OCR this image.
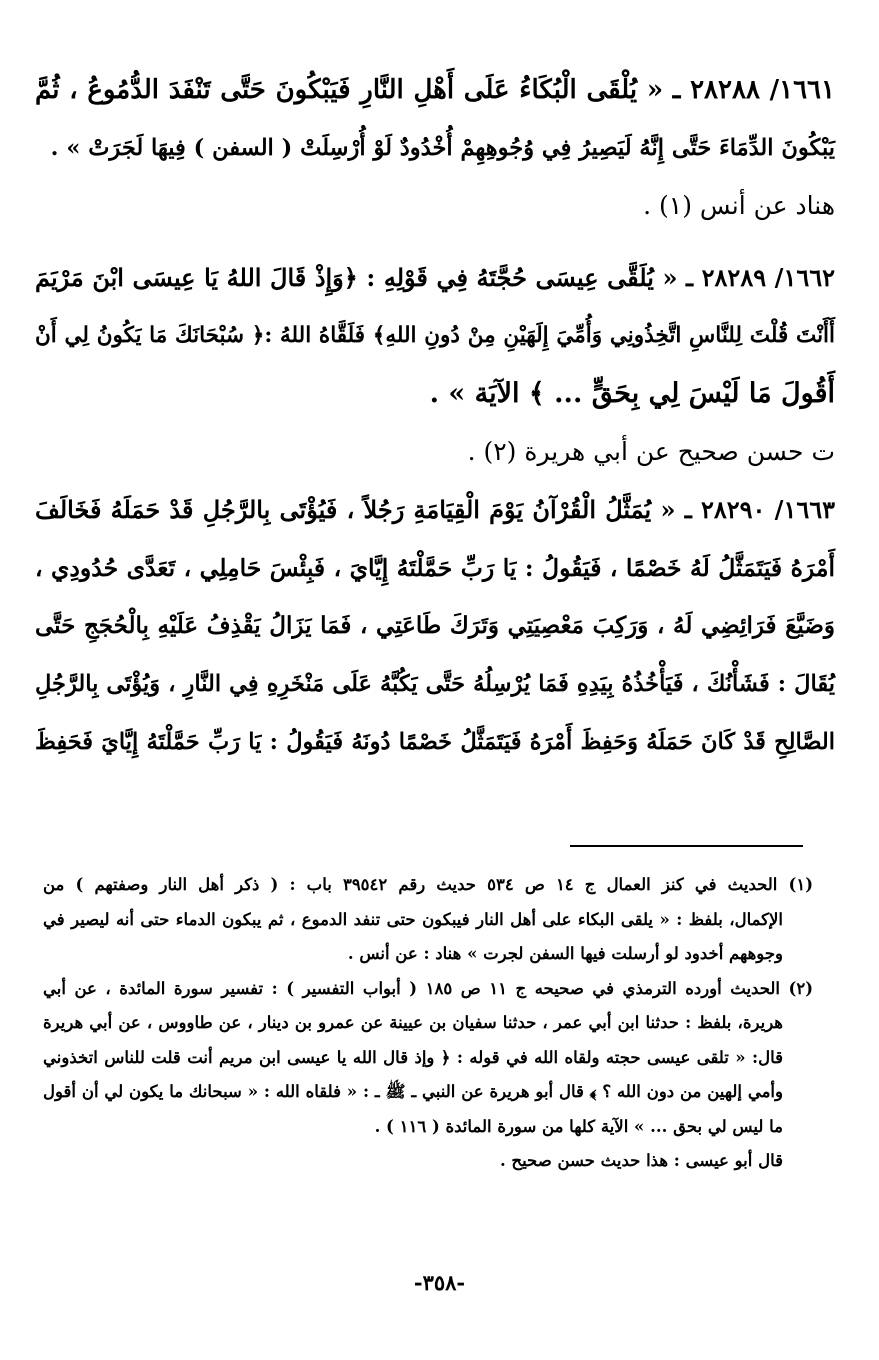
١٦٦١/ ٢٨٢٨٨ ـ « يُلْقَى الْبُكَاءُ عَلَى أَهْلِ النَّارِ فَيَبْكُونَ حَتَّى تَنْفَدَ الدُّمُوعُ ، ثُمَّ
يَبْكُونَ الدِّمَاءَ حَتَّى إِنَّهُ لَيَصِيرُ فِي وُجُوهِهِمْ أُخْدُودٌ لَوْ أُرْسِلَتْ ( السفن ) فِيهَا لَجَرَتْ » .
هناد عن أنس (١) .
١٦٦٢/ ٢٨٢٨٩ ـ « يُلَقَّى عِيسَى حُجَّتَهُ فِي قَوْلِهِ : ﴿وَإِذْ قَالَ اللهُ يَا عِيسَى ابْنَ مَرْيَمَ
أَأَنْتَ قُلْتَ لِلنَّاسِ اتَّخِذُونِي وَأُمِّيَ إِلَهَيْنِ مِنْ دُونِ اللهِ﴾ فَلَقَّاهُ اللهُ :﴿ سُبْحَانَكَ مَا يَكُونُ لِي أَنْ
أَقُولَ مَا لَيْسَ لِي بِحَقٍّ ... ﴾ الآيَة » .
ت حسن صحيح عن أبي هريرة (٢) .
١٦٦٣/ ٢٨٢٩٠ ـ « يُمَثَّلُ الْقُرْآنُ يَوْمَ الْقِيَامَةِ رَجُلاً ، فَيُؤْتَى بِالرَّجُلِ قَدْ حَمَلَهُ فَخَالَفَ
أَمْرَهُ فَيَتَمَثَّلُ لَهُ خَصْمًا ، فَيَقُولُ : يَا رَبِّ حَمَّلْتَهُ إِيَّايَ ، فَبِئْسَ حَامِلِي ، تَعَدَّى حُدُودِي ،
وَضَيَّعَ فَرَائِضِي لَهُ ، وَرَكِبَ مَعْصِيَتِي وَتَرَكَ طَاعَتِي ، فَمَا يَزَالُ يَقْذِفُ عَلَيْهِ بِالْحُجَجِ حَتَّى
يُقَالَ : فَشَأْنُكَ ، فَيَأْخُذُهُ بِيَدِهِ فَمَا يُرْسِلُهُ حَتَّى يَكُبَّهُ عَلَى مَنْخَرِهِ فِي النَّارِ ، وَيُؤْتَى بِالرَّجُلِ
الصَّالِحِ قَدْ كَانَ حَمَلَهُ وَحَفِظَ أَمْرَهُ فَيَتَمَثَّلُ خَصْمًا دُونَهُ فَيَقُولُ : يَا رَبِّ حَمَّلْتَهُ إِيَّايَ فَحَفِظَ
(١) الحديث في كنز العمال ج ١٤ ص ٥٣٤ حديث رقم ٣٩٥٤٢ باب : ( ذكر أهل النار وصفتهم ) من
الإكمال، بلفظ : « يلقى البكاء على أهل النار فيبكون حتى تنفد الدموع ، ثم يبكون الدماء حتى أنه ليصير في
وجوههم أخدود لو أرسلت فيها السفن لجرت » هناد : عن أنس .
(٢) الحديث أورده الترمذي في صحيحه ج ١١ ص ١٨٥ ( أبواب التفسير ) : تفسير سورة المائدة ، عن أبي
هريرة، بلفظ : حدثنا ابن أبي عمر ، حدثنا سفيان بن عيينة عن عمرو بن دينار ، عن طاووس ، عن أبي هريرة
قال: « تلقى عيسى حجته ولقاه الله في قوله : ﴿ وإذ قال الله يا عيسى ابن مريم أنت قلت للناس اتخذوني
وأمي إلهين من دون الله ؟ ﴾ قال أبو هريرة عن النبي ـ ﷺ ـ : « فلقاه الله : « سبحانك ما يكون لي أن أقول
ما ليس لي بحق ... » الآية كلها من سورة المائدة ( ١١٦ ) .
قال أبو عيسى : هذا حديث حسن صحيح .
-٣٥٨-
